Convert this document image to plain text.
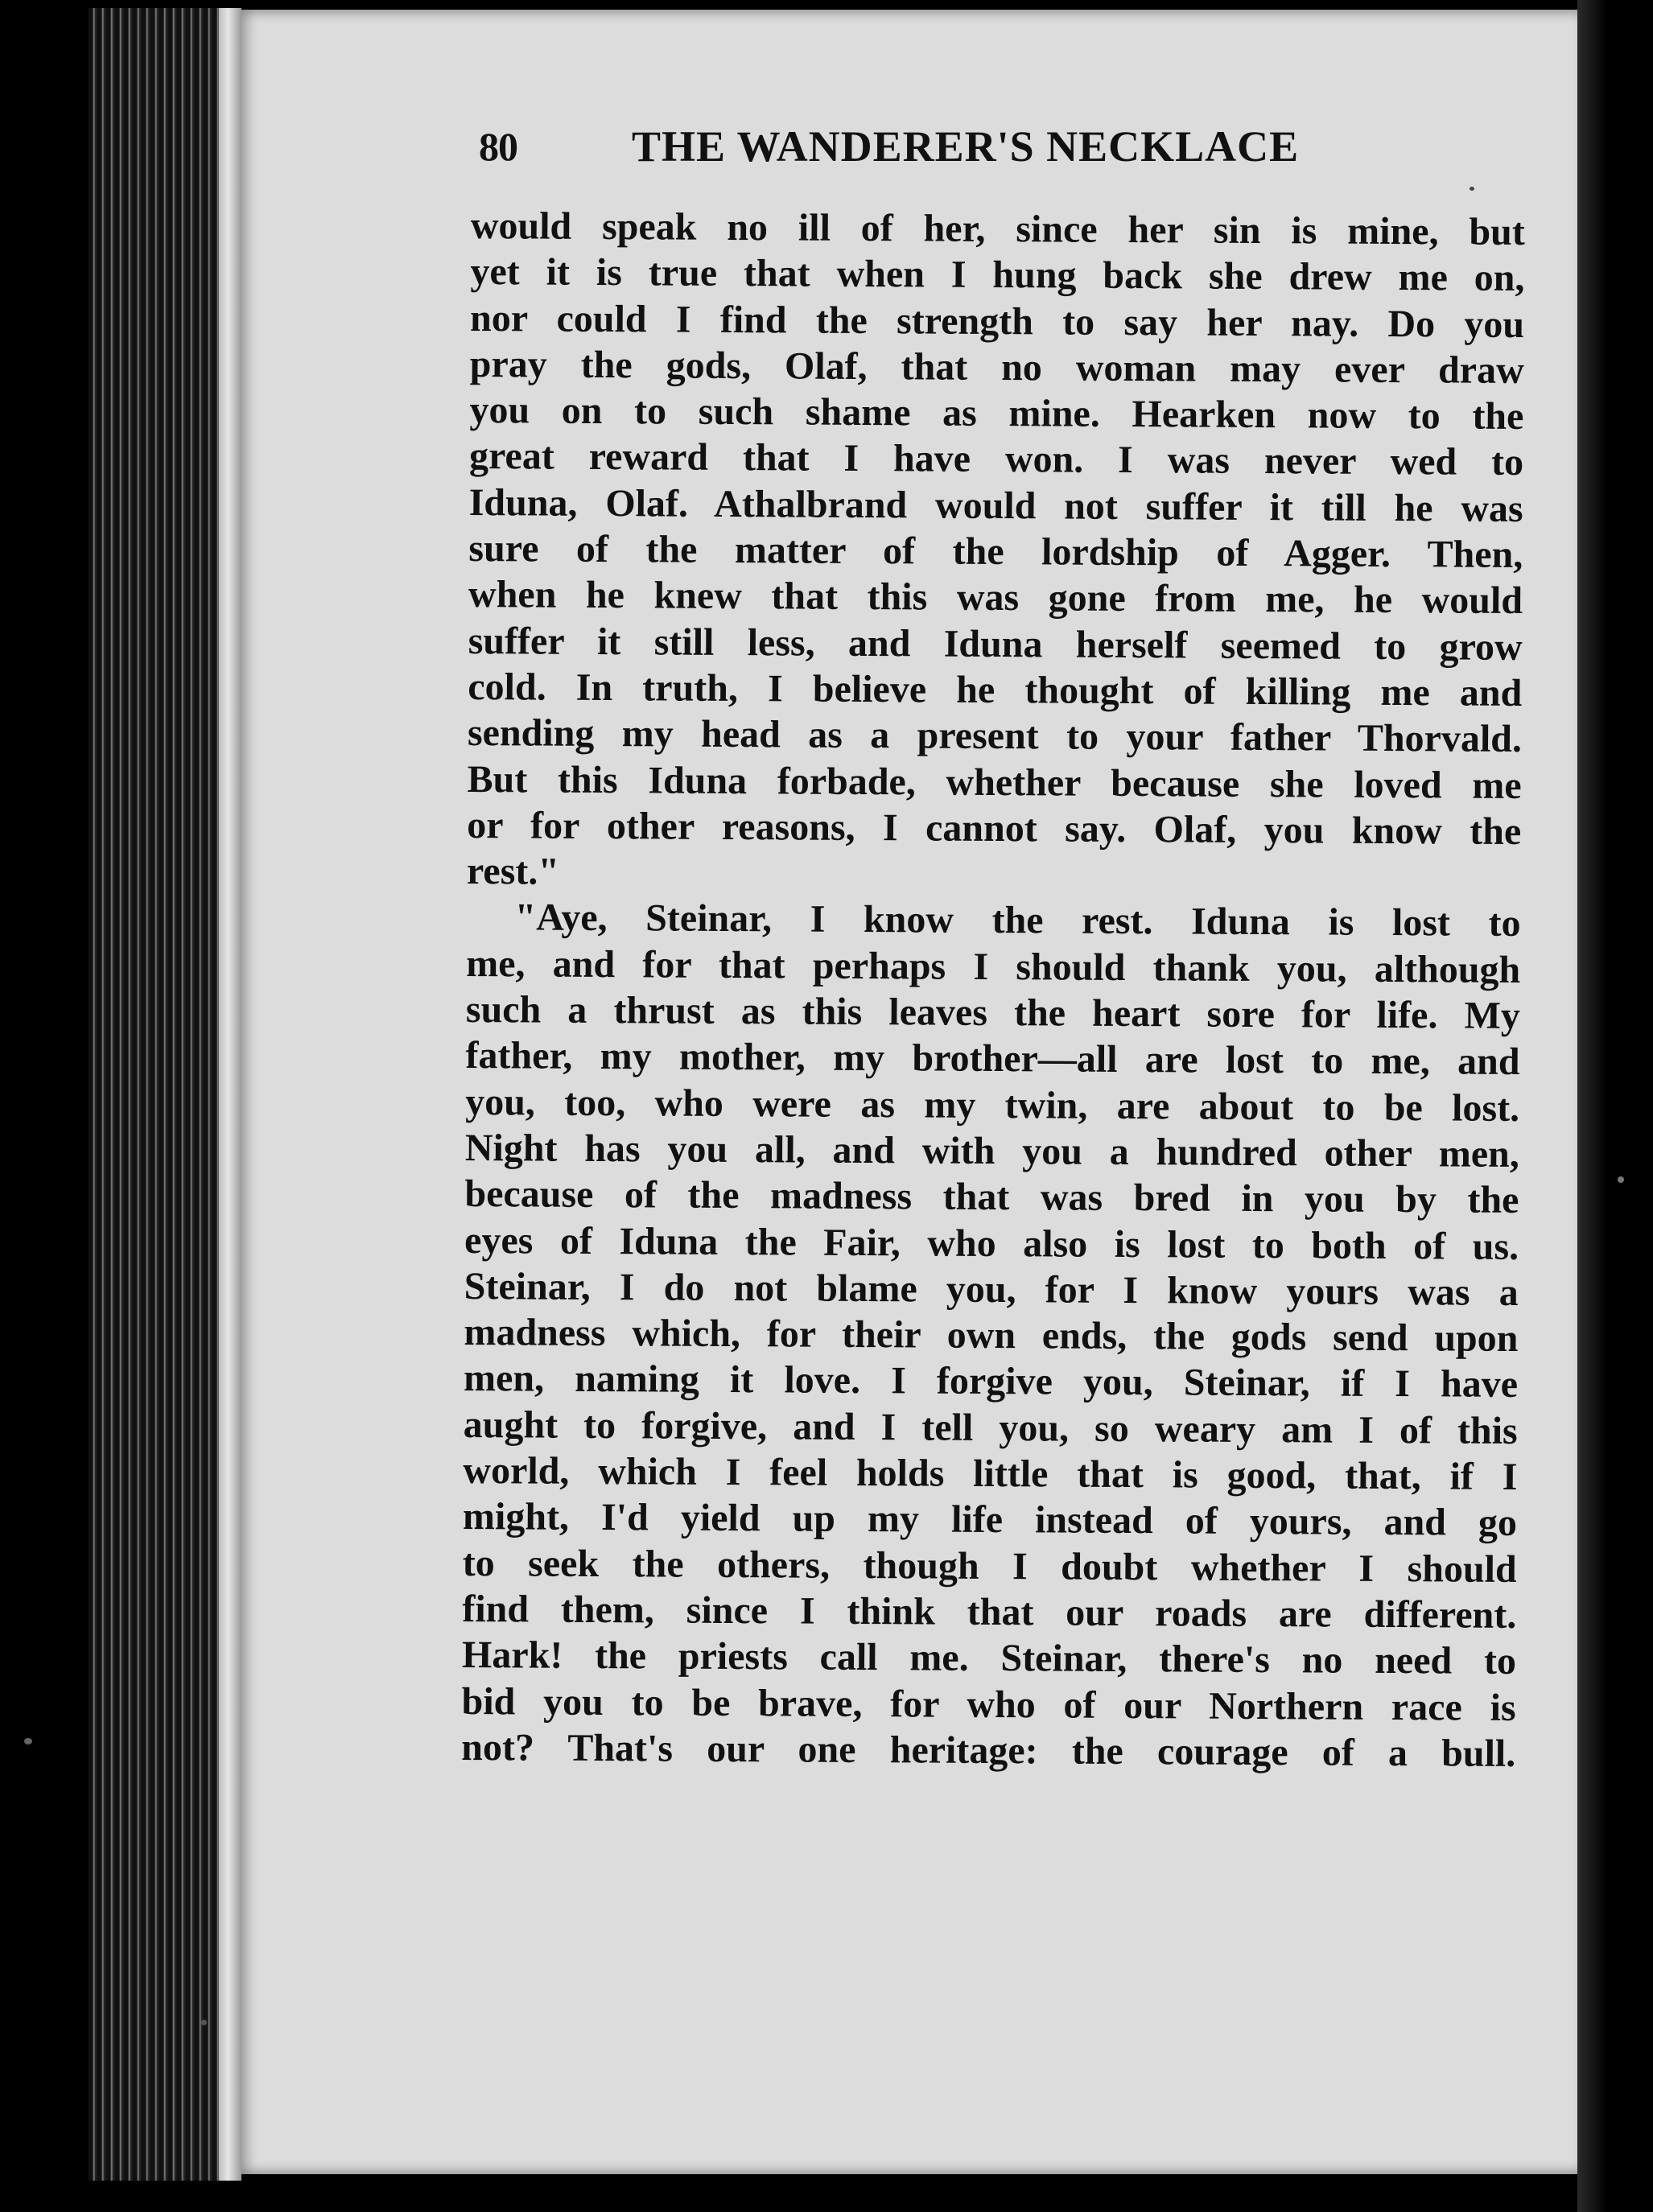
80	THE WANDERER'S NECKLACE
would speak no ill of her, since her sin is mine, but
yet it is true that when I hung back she drew me on,
nor could I find the strength to say her nay. Do you
pray the gods, Olaf, that no woman may ever draw
you on to such shame as mine. Hearken now to the
great reward that I have won. I was never wed to
Iduna, Olaf. Athalbrand would not suffer it till he was
sure of the matter of the lordship of Agger. Then,
when he knew that this was gone from me, he would
suffer it still less, and Iduna herself seemed to grow
cold. In truth, I believe he thought of killing me and
sending my head as a present to your father Thorvald.
But this Iduna forbade, whether because she loved me
or for other reasons, I cannot say. Olaf, you know the
rest."
"Aye, Steinar, I know the rest. Iduna is lost to
me, and for that perhaps I should thank you, although
such a thrust as this leaves the heart sore for life. My
father, my mother, my brother—all are lost to me, and
you, too, who were as my twin, are about to be lost.
Night has you all, and with you a hundred other men,
because of the madness that was bred in you by the
eyes of Iduna the Fair, who also is lost to both of us.
Steinar, I do not blame you, for I know yours was a
madness which, for their own ends, the gods send upon
men, naming it love. I forgive you, Steinar, if I have
aught to forgive, and I tell you, so weary am I of this
world, which I feel holds little that is good, that, if I
might, I'd yield up my life instead of yours, and go
to seek the others, though I doubt whether I should
find them, since I think that our roads are different.
Hark! the priests call me. Steinar, there's no need to
bid you to be brave, for who of our Northern race is
not? That's our one heritage: the courage of a bull.
